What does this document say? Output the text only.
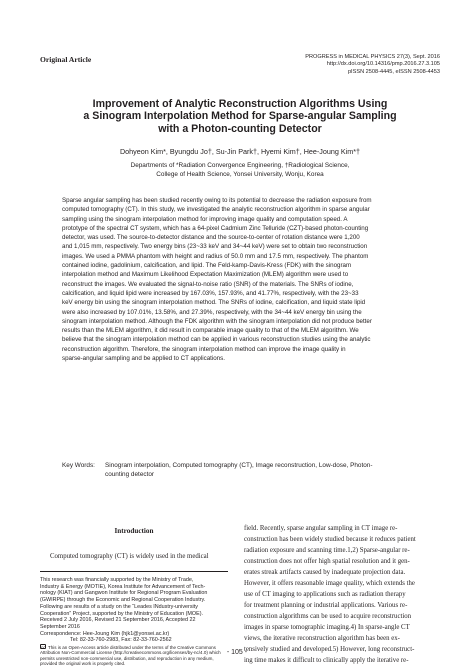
Original Article	PROGRESS in MEDICAL PHYSICS 27(3), Sept. 2016
http://dx.doi.org/10.14316/pmp.2016.27.3.105
pISSN 2508-4445, eISSN 2508-4453
Improvement of Analytic Reconstruction Algorithms Using
a Sinogram Interpolation Method for Sparse-angular Sampling
with a Photon-counting Detector
Dohyeon Kim*, Byungdu Jo†, Su-Jin Park†, Hyemi Kim†, Hee-Joung Kim*†
Departments of *Radiation Convergence Engineering, †Radiological Science,
College of Health Science, Yonsei University, Wonju, Korea
Sparse angular sampling has been studied recently owing to its potential to decrease the radiation exposure from
computed tomography (CT). In this study, we investigated the analytic reconstruction algorithm in sparse angular
sampling using the sinogram interpolation method for improving image quality and computation speed. A
prototype of the spectral CT system, which has a 64-pixel Cadmium Zinc Telluride (CZT)-based photon-counting
detector, was used. The source-to-detector distance and the source-to-center of rotation distance were 1,200
and 1,015 mm, respectively. Two energy bins (23~33 keV and 34~44 keV) were set to obtain two reconstruction
images. We used a PMMA phantom with height and radius of 50.0 mm and 17.5 mm, respectively. The phantom
contained iodine, gadolinium, calcification, and lipid. The Feld-kamp-Davis-Kress (FDK) with the sinogram
interpolation method and Maximum Likelihood Expectation Maximization (MLEM) algorithm were used to
reconstruct the images. We evaluated the signal-to-noise ratio (SNR) of the materials. The SNRs of iodine,
calcification, and liquid lipid were increased by 167.03%, 157.93%, and 41.77%, respectively, with the 23~33
keV energy bin using the sinogram interpolation method. The SNRs of iodine, calcification, and liquid state lipid
were also increased by 107.01%, 13.58%, and 27.39%, respectively, with the 34~44 keV energy bin using the
sinogram interpolation method. Although the FDK algorithm with the sinogram interpolation did not produce better
results than the MLEM algorithm, it did result in comparable image quality to that of the MLEM algorithm. We
believe that the sinogram interpolation method can be applied in various reconstruction studies using the analytic
reconstruction algorithm. Therefore, the sinogram interpolation method can improve the image quality in
sparse-angular sampling and be applied to CT applications.
Key Words: Sinogram interpolation, Computed tomography (CT), Image reconstruction, Low-dose, Photon-
counting detector
Introduction
Computed tomography (CT) is widely used in the medical
This research was financially supported by the Ministry of Trade,
Industry & Energy (MOTIE), Korea Institute for Advancement of Tech-
nology (KIAT) and Gangwon Institute for Regional Program Evaluation
(GWIRPE) through the Economic and Regional Cooperation Industry.
Following are results of a study on the “Leades INdustry-university
Cooperation” Project, supported by the Ministry of Education (MOE).
Received 2 July 2016, Revised 21 September 2016, Accepted 22
September 2016
Correspondence: Hee-Joung Kim (hjk1@yonsei.ac.kr)
Tel: 82-33-760-2983, Fax: 82-33-760-2562
cc This is an Open-Access article distributed under the terms of the Creative Commons
Attribution Non-Commercial License (http://creativecommons.org/licenses/by-nc/4.0) which
permits unrestricted non-commercial use, distribution, and reproduction in any medium,
provided the original work is properly cited.
field. Recently, sparse angular sampling in CT image re-
construction has been widely studied because it reduces patient
radiation exposure and scanning time.1,2) Sparse-angular re-
construction does not offer high spatial resolution and it gen-
erates streak artifacts caused by inadequate projection data.
However, it offers reasonable image quality, which extends the
use of CT imaging to applications such as radiation therapy
for treatment planning or industrial applications. Various re-
construction algorithms can be used to acquire reconstruction
images in sparse tomographic imaging.4) In sparse-angle CT
views, the iterative reconstruction algorithm has been ex-
tensively studied and developed.5) However, long reconstruct-
ing time makes it difficult to clinically apply the iterative re-
- 105 -
